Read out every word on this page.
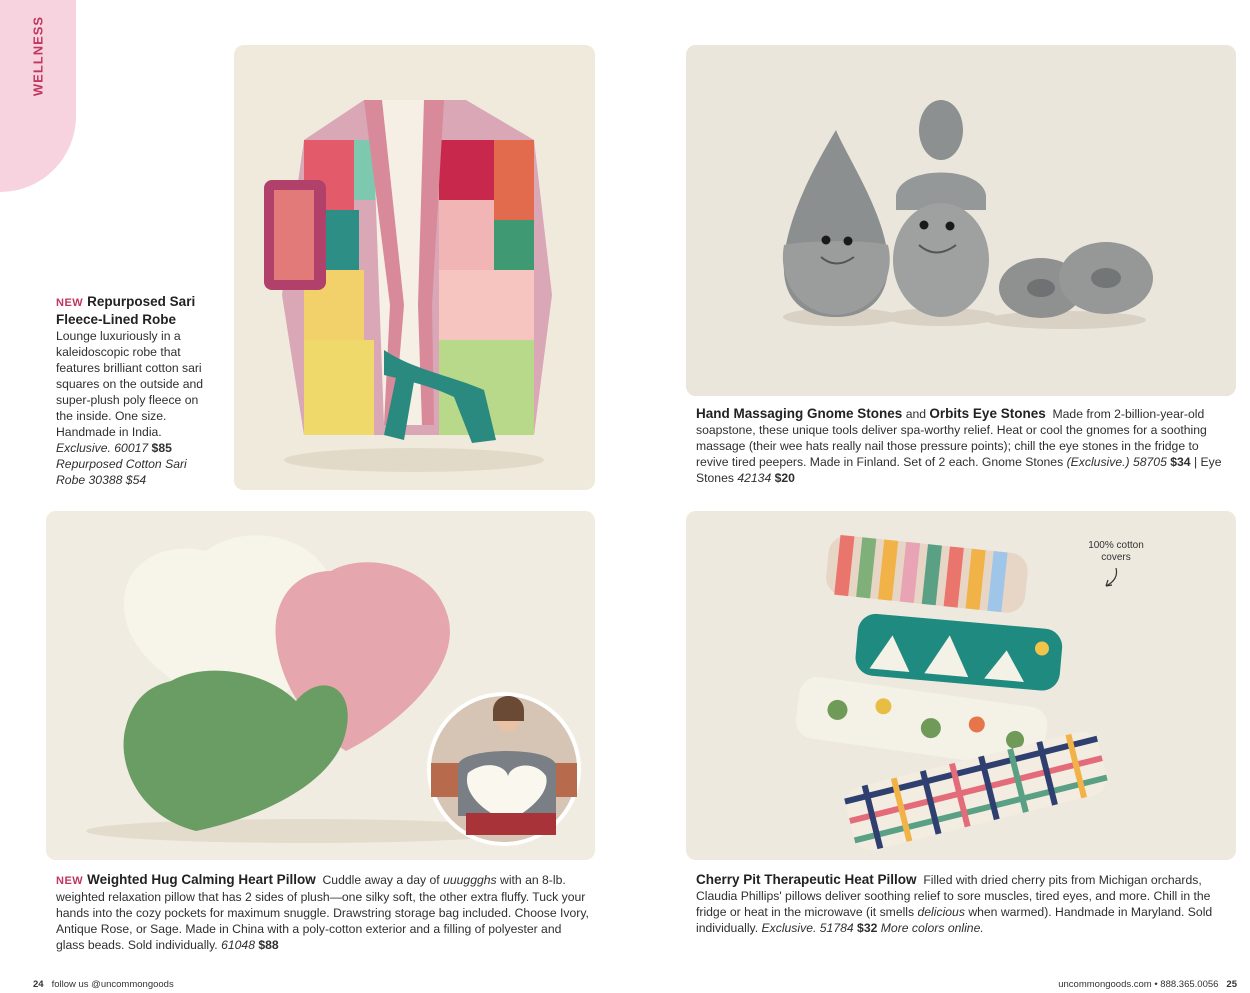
WELLNESS
NEW Repurposed Sari Fleece-Lined Robe
Lounge luxuriously in a kaleidoscopic robe that features brilliant cotton sari squares on the outside and super-plush poly fleece on the inside. One size. Handmade in India. Exclusive. 60017 $85 Repurposed Cotton Sari Robe 30388 $54
Hand Massaging Gnome Stones and Orbits Eye Stones Made from 2-billion-year-old soapstone, these unique tools deliver spa-worthy relief. Heat or cool the gnomes for a soothing massage (their wee hats really nail those pressure points); chill the eye stones in the fridge to revive tired peepers. Made in Finland. Set of 2 each. Gnome Stones (Exclusive.) 58705 $34 | Eye Stones 42134 $20
NEW Weighted Hug Calming Heart Pillow Cuddle away a day of uuuggghs with an 8-lb. weighted relaxation pillow that has 2 sides of plush—one silky soft, the other extra fluffy. Tuck your hands into the cozy pockets for maximum snuggle. Drawstring storage bag included. Choose Ivory, Antique Rose, or Sage. Made in China with a poly-cotton exterior and a filling of polyester and glass beads. Sold individually. 61048 $88
100% cotton covers
Cherry Pit Therapeutic Heat Pillow Filled with dried cherry pits from Michigan orchards, Claudia Phillips' pillows deliver soothing relief to sore muscles, tired eyes, and more. Chill in the fridge or heat in the microwave (it smells delicious when warmed). Handmade in Maryland. Sold individually. Exclusive. 51784 $32 More colors online.
24 follow us @uncommongoods	uncommongoods.com • 888.365.0056 25
